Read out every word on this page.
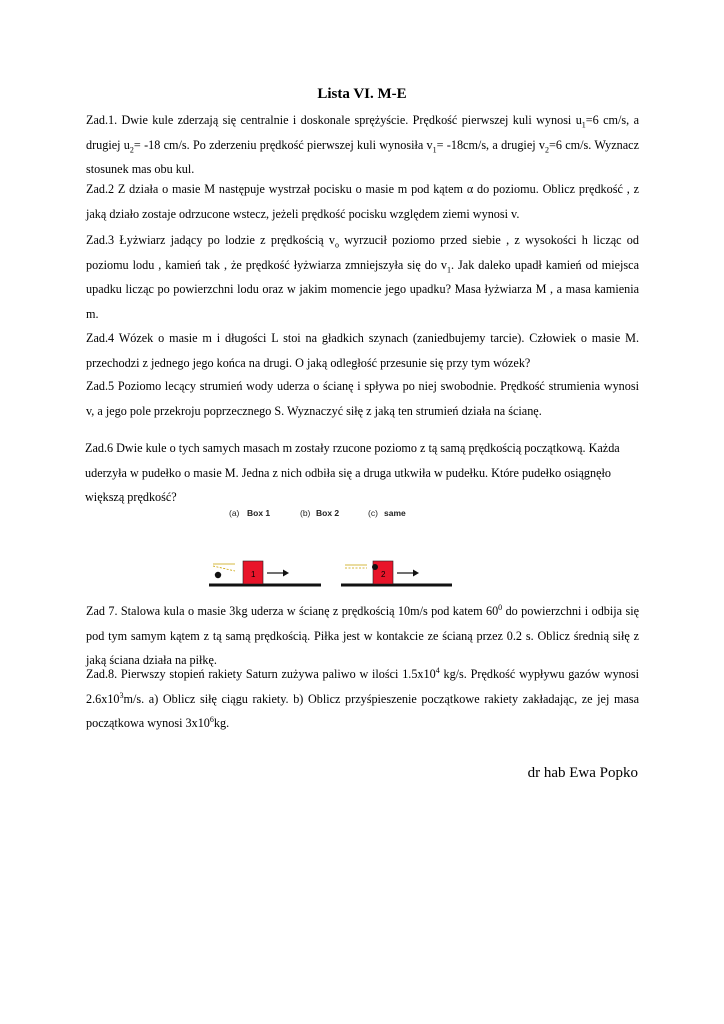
Lista VI. M-E
Zad.1. Dwie kule zderzają się centralnie i doskonale sprężyście. Prędkość pierwszej kuli wynosi $u_1=6$ cm/s, a drugiej $u_2= -18$ cm/s. Po zderzeniu prędkość pierwszej kuli wynosiła $v_1= -18cm/s$, a drugiej $v_2=6$ cm/s. Wyznacz stosunek mas obu kul.
Zad.2 Z działa o masie M następuje wystrzał pocisku o masie m pod kątem α do poziomu. Oblicz prędkość , z jaką działo zostaje odrzucone wstecz, jeżeli prędkość pocisku względem ziemi wynosi v.
Zad.3 Łyżwiarz jadący po lodzie z prędkością $v_o$ wyrzucił poziomo przed siebie , z wysokości h licząc od poziomu lodu , kamień tak , że prędkość łyżwiarza zmniejszyła się do $v_1$. Jak daleko upadł kamień od miejsca upadku licząc po powierzchni lodu oraz w jakim momencie jego upadku? Masa łyżwiarza M , a masa kamienia m.
Zad.4 Wózek o masie m i długości L stoi na gładkich szynach (zaniedbujemy tarcie). Człowiek o masie M. przechodzi z jednego jego końca na drugi. O jaką odległość przesunie się przy tym wózek?
Zad.5 Poziomo lecący strumień wody uderza o ścianę i spływa po niej swobodnie. Prędkość strumienia wynosi v, a jego pole przekroju poprzecznego S. Wyznaczyć siłę z jaką ten strumień działa na ścianę.
Zad.6 Dwie kule o tych samych masach m zostały rzucone poziomo z tą samą prędkością początkową. Każda uderzyła w pudełko o masie M. Jedna z nich odbiła się a druga utkwiła w pudełku. Które pudełko osiągnęło większą prędkość?
(a) Box 1	(b) Box 2	(c) same
1	2
Zad 7. Stalowa kula o masie 3kg uderza w ścianę z prędkością 10m/s pod katem $60^0$ do powierzchni i odbija się pod tym samym kątem z tą samą prędkością. Piłka jest w kontakcie ze ścianą przez 0.2 s. Oblicz średnią siłę z jaką ściana działa na piłkę.
Zad.8. Pierwszy stopień rakiety Saturn zużywa paliwo w ilości $1.5x10^4$ kg/s. Prędkość wypływu gazów wynosi $2.6x10^3m/s$. a) Oblicz siłę ciągu rakiety. b) Oblicz przyśpieszenie początkowe rakiety zakładając, ze jej masa początkowa wynosi $3x10^6kg$.
dr hab Ewa Popko
